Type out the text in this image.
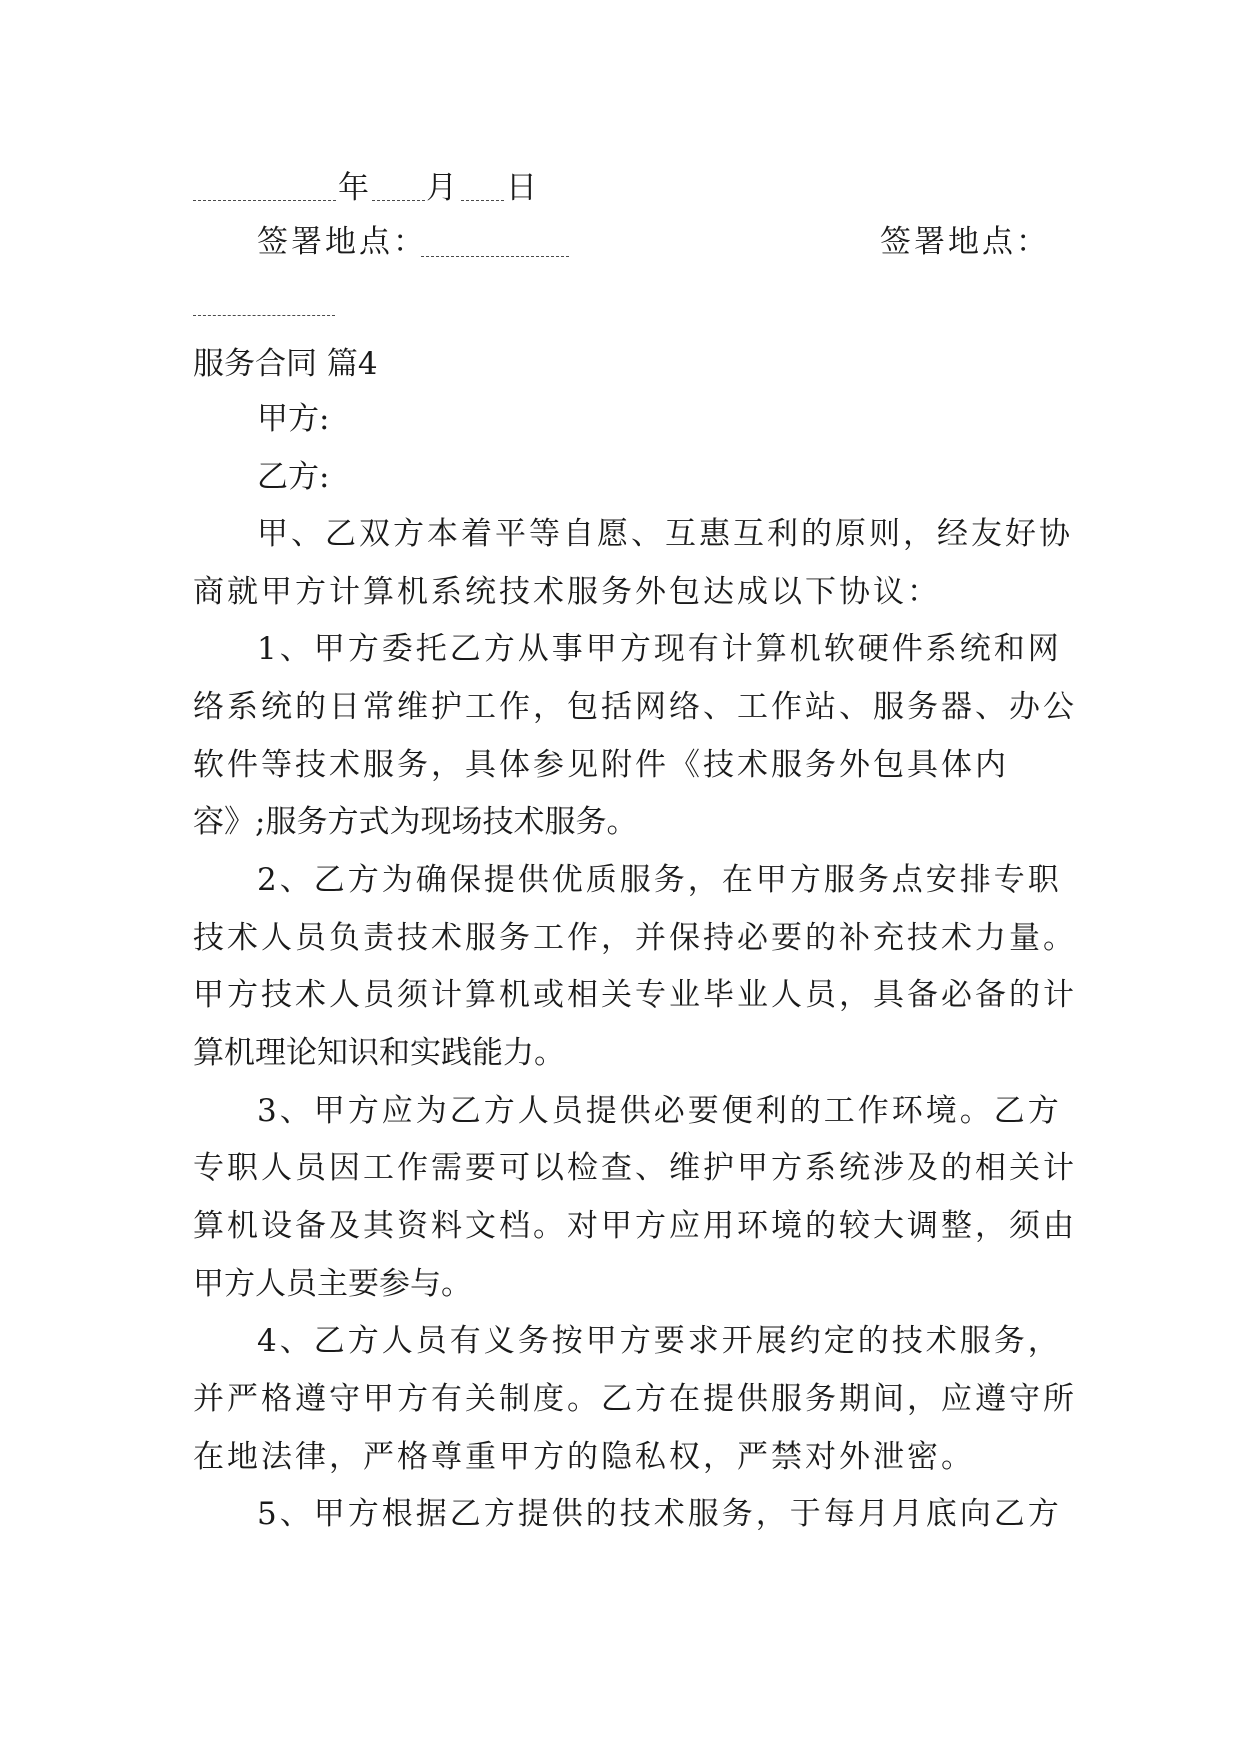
年 月 日
签署地点：	签署地点：
服务合同 篇4
甲方:
乙方:
甲、乙双方本着平等自愿、互惠互利的原则，经友好协
商就甲方计算机系统技术服务外包达成以下协议：
1、甲方委托乙方从事甲方现有计算机软硬件系统和网
络系统的日常维护工作，包括网络、工作站、服务器、办公
软件等技术服务，具体参见附件《技术服务外包具体内
容》;服务方式为现场技术服务。
2、乙方为确保提供优质服务，在甲方服务点安排专职
技术人员负责技术服务工作，并保持必要的补充技术力量。
甲方技术人员须计算机或相关专业毕业人员，具备必备的计
算机理论知识和实践能力。
3、甲方应为乙方人员提供必要便利的工作环境。乙方
专职人员因工作需要可以检查、维护甲方系统涉及的相关计
算机设备及其资料文档。对甲方应用环境的较大调整，须由
甲方人员主要参与。
4、乙方人员有义务按甲方要求开展约定的技术服务，
并严格遵守甲方有关制度。乙方在提供服务期间，应遵守所
在地法律，严格尊重甲方的隐私权，严禁对外泄密。
5、甲方根据乙方提供的技术服务，于每月月底向乙方
